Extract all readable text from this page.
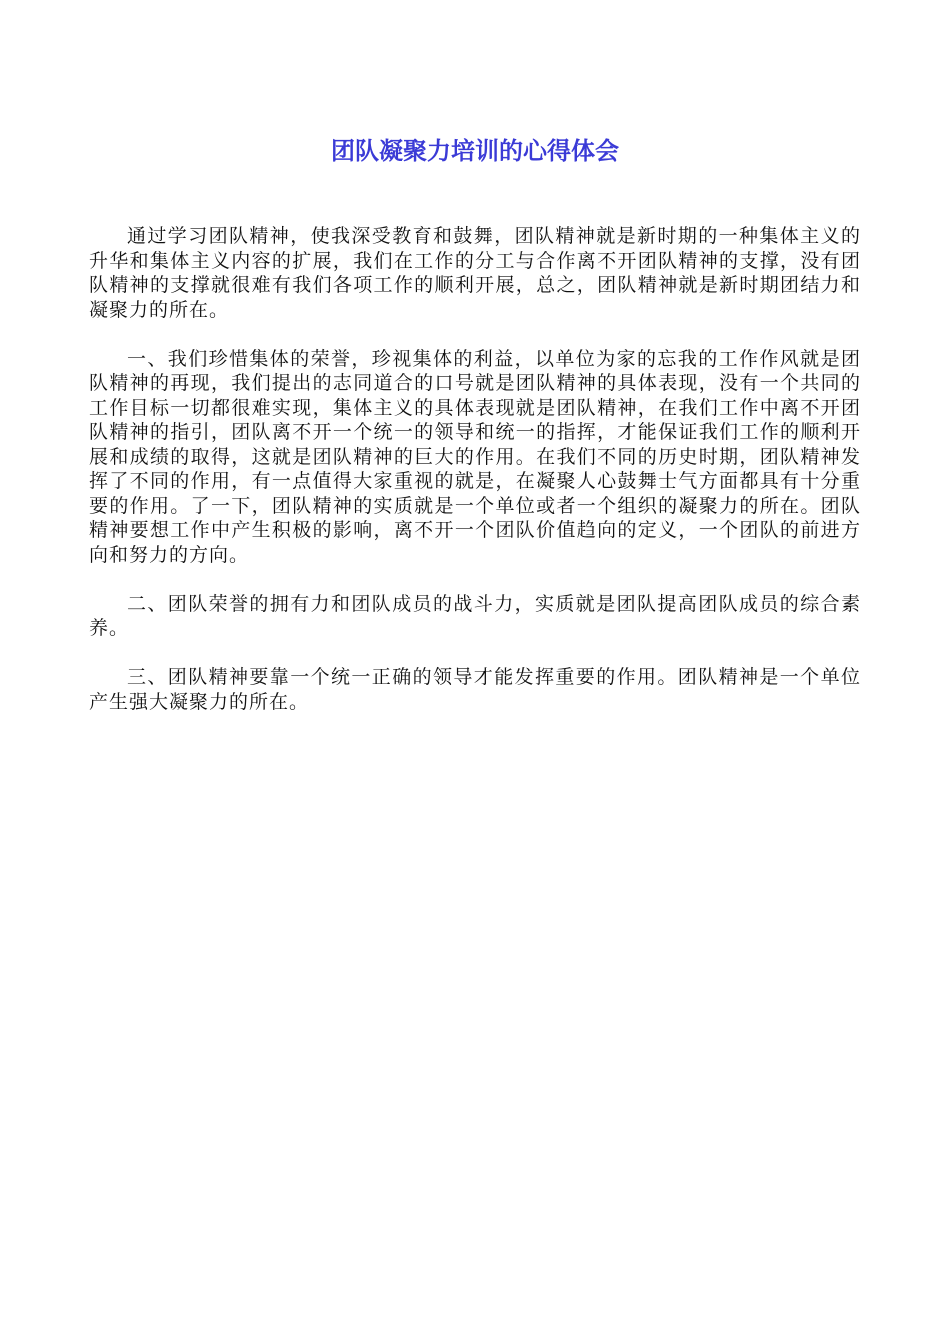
团队凝聚力培训的心得体会

通过学习团队精神，使我深受教育和鼓舞，团队精神就是新时期的一种集体主义的升华和集体主义内容的扩展，我们在工作的分工与合作离不开团队精神的支撑，没有团队精神的支撑就很难有我们各项工作的顺利开展，总之，团队精神就是新时期团结力和凝聚力的所在。

一、我们珍惜集体的荣誉，珍视集体的利益，以单位为家的忘我的工作作风就是团队精神的再现，我们提出的志同道合的口号就是团队精神的具体表现，没有一个共同的工作目标一切都很难实现，集体主义的具体表现就是团队精神，在我们工作中离不开团队精神的指引，团队离不开一个统一的领导和统一的指挥，才能保证我们工作的顺利开展和成绩的取得，这就是团队精神的巨大的作用。在我们不同的历史时期，团队精神发挥了不同的作用，有一点值得大家重视的就是，在凝聚人心鼓舞士气方面都具有十分重要的作用。了一下，团队精神的实质就是一个单位或者一个组织的凝聚力的所在。团队精神要想工作中产生积极的影响，离不开一个团队价值趋向的定义，一个团队的前进方向和努力的方向。

二、团队荣誉的拥有力和团队成员的战斗力，实质就是团队提高团队成员的综合素养。

三、团队精神要靠一个统一正确的领导才能发挥重要的作用。团队精神是一个单位产生强大凝聚力的所在。
